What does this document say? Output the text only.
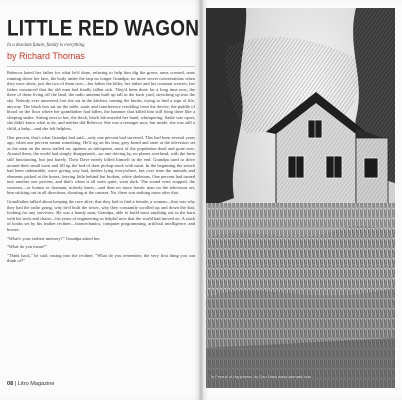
LITTLE RED WAGON
In a desolate future, family is everything
by Richard Thomas

Rebecca hated her father for what he'd done, refusing to help him dig the grave, arms crossed, tears running down her face, the body under the tarp no longer Grandpa, no more secret conversations when they were alone, just the two of them now—her father the killer, her father and his constant worries, her father convinced that the old man had finally fallen sick. They'd been done for a long time now, the three of them living off the land, the radio antenna built up tall in the back yard, stretching up into the sky. Nobody ever answered, but she sat in the kitchen, turning the knobs, trying to find a sign of life, anyway. The black box sat on the table, static and interference crackling from the device, the paddle of blood on the floor where her grandfather had fallen, the hammer that killed him still lying there like a sleeping snake. Sitting next to her, the thick, black lab nuzzled her hand, whimpering. Sadie was upset, she didn't know what to do, and neither did Rebecca. She was a teenager now, but inside, she was still a child, a baby—and she felt helpless.

One percent, that's what Grandpa had said—only one percent had survived. This had been several years ago, when one percent meant something. He'd rig on his lean, grey beard and stare at the television set as the men on the news trailed on, updates as infrequent, most of the population dead and gone now. Around them, the world had simply disappeared—no one driving by, no planes overhead, with the farm still functioning, but just barely. Their Dave nearly killed himself in the end. Grandpa used to drive around their small town and fill up the bed of their pickup truck with meat. In the beginning the stench had been unbearable, wave giving way bad, bodies lying everywhere, but over time the animals and elements picked at the bones, leaving little behind but broken, white skeletons. One percent had turned into another one percent, and that's when it all went quiet, went dark. The sound went stopped, the weasons—or bomns or dormant, nobody knew—and then no more frantic man on the television set, him sticking out in all directions, shouting at the camera. No, there was nothing more after that.

Grandfather talked about keeping the race alive, that they had to find a female, a woman—that was why they had the radio going, why he'd built the tower, why they constantly scrolled up and down the dial, looking for any survivors. He was a handy man, Grandpa, able to build most anything out in the barn with his tools and chairs—his years of engineering so helpful now that the world had moved on. A stack of books set by his leather recliner—biomechanics, computer programming, artificial intelligence, and horses.

"What's your earliest memory?" Grandpa asked her.

"What do you mean?"

"Think back," he said, easing into the recliner. "What do you remember, the very first thing you can think of?"

08 | Litro Magazine
'In Pursuit of Happiness' by Dan Nask www.dannask.com
